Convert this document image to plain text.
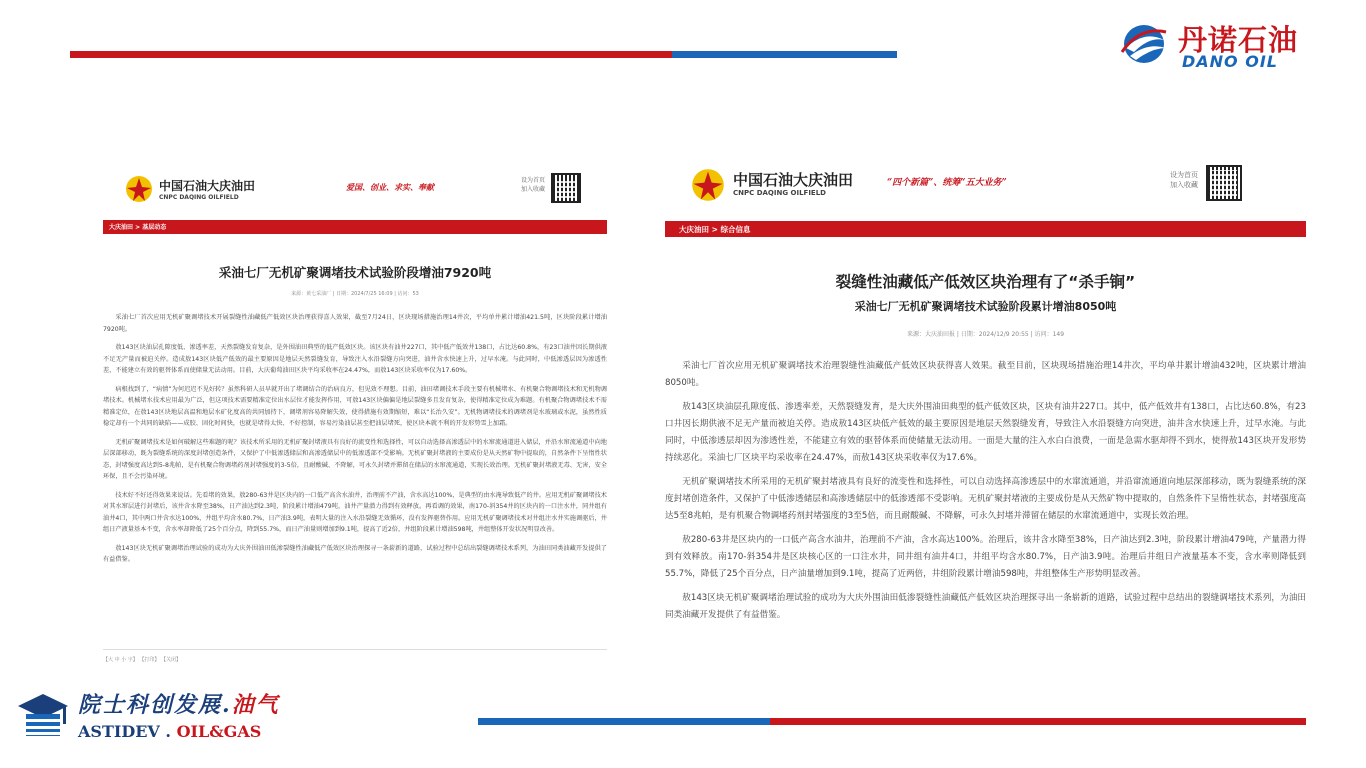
丹诺石油
DANO OIL
中国石油大庆油田
CNPC DAQING OILFIELD
爱国、创业、求实、奉献
设为首页
加入收藏
大庆油田 > 基层动态
采油七厂无机矿聚调堵技术试验阶段增油7920吨
来源：黄七采油厂 | 日期：2024/7/25 16:09 | 访问：53

采油七厂首次应用无机矿聚调堵技术开展裂缝性油藏低产低效区块治理获得喜人效果，截至7月24日，区块现场措施治理14井次，平均单井累计增油421.5吨，区块阶段累计增油7920吨。

敖143区块油层孔隙度低、渗透率差，天然裂缝发育复杂，是外围油田典型的低产低效区块。该区块有油井227口，其中低产低效井138口，占比达60.8%，有23口油井因长期供液不足无产量而被迫关停。造成敖143区块低产低效的最主要原因是地层天然裂缝发育，导致注入水沿裂缝方向突进，油井含水快速上升，过早水淹。与此同时，中低渗透层因为渗透性差，不能建立有效的驱替体系而使储量无法动用。目前，大庆葡萄油田区块平均采收率在24.47%，而敖143区块采收率仅为17.60%。

病根找到了，“病情”为何迟迟不见好转？虽然科研人员早就开出了堵调结合的治病良方，但见效不理想。目前，油田堵调技术手段主要有机械堵水、有机聚合物调堵技术和无机物调堵技术。机械堵水技术应用最为广泛，但这项技术需要精准定位出水层位才能发挥作用，可敖143区块偏偏是地层裂缝多且发育复杂，使得精准定位成为难题。有机聚合物调堵技术不需精准定位，在敖143区块地层高温和地层水矿化度高的共同加持下，调堵剂容易降解失效，使得措施有效期缩短，难以“长治久安”。无机物调堵技术的调堵剂是水玻璃或水泥，虽然性质稳定却有一个共同的缺陷——成胶、固化时间快，也就是堵得太快、不好控制，容易污染油层甚至把油层堵死，使区块本就不利的开发形势雪上加霜。

无机矿聚调堵技术是如何破解这些难题的呢？该技术所采用的无机矿聚封堵液具有良好的流变性和选择性，可以自动选择高渗透层中的水窜流通道进入储层，并沿水窜流通道中向地层深部移动，既为裂缝系统的深度封堵创造条件，又保护了中低渗透储层和高渗透储层中的低渗透部不受影响。无机矿聚封堵液的主要成份是从天然矿物中提取的，自然条件下呈惰性状态，封堵强度高达到5-8兆帕，是有机聚合物调堵药剂封堵强度的3-5倍，且耐酸碱、不降解，可永久封堵并滞留在储层的水窜流通道，实现长效治理。无机矿聚封堵液无毒、无害，安全环保，且不会污染环境。

技术好不好还得效果来说话。先看堵的效果，敖280-63井是区块内的一口低产高含水油井，治理前不产油，含水高达100%，是典型的由水淹导致低产的井。应用无机矿聚调堵技术对其水窜层进行封堵后，该井含水降至38%，日产油达到2.3吨，阶段累计增油479吨，油井产量潜力得到有效释放。再看调的效果，南170-斜354井的区块内的一口注水井，同井组有油井4口，其中两口井含水达100%，井组平均含水80.7%，日产油3.9吨，表明大量的注入水沿裂缝无效循环，没有发挥驱替作用。应用无机矿聚调堵技术对井组注水井实施调驱后，井组日产液量基本不变，含水率却降低了25个百分点，降到55.7%，而日产油量则增加到9.1吨，提高了近2倍，井组阶段累计增油598吨，井组整体开发状况明显改善。

敖143区块无机矿聚调堵治理试验的成功为大庆外围油田低渗裂缝性油藏低产低效区块治理探寻一条崭新的道路，试验过程中总结出裂缝调堵技术系列，为油田同类油藏开发提供了有益借鉴。

【大 中 小 字】 【打印】 【关闭】
中国石油大庆油田
CNPC DAQING OILFIELD
“四个新篇”、统筹“五大业务”
设为首页
加入收藏
大庆油田 > 综合信息
裂缝性油藏低产低效区块治理有了“杀手锏”
采油七厂无机矿聚调堵技术试验阶段累计增油8050吨
来源：大庆油田报 | 日期：2024/12/9 20:55 | 访问：149

采油七厂首次应用无机矿聚调堵技术治理裂缝性油藏低产低效区块获得喜人效果。截至目前，区块现场措施治理14井次，平均单井累计增油432吨，区块累计增油8050吨。

敖143区块油层孔隙度低、渗透率差，天然裂缝发育，是大庆外围油田典型的低产低效区块，区块有油井227口。其中，低产低效井有138口，占比达60.8%，有23口井因长期供液不足无产量而被迫关停。造成敖143区块低产低效的最主要原因是地层天然裂缝发育，导致注入水沿裂缝方向突进，油井含水快速上升，过早水淹。与此同时，中低渗透层却因为渗透性差，不能建立有效的驱替体系而使储量无法动用。一面是大量的注入水白白浪费，一面是急需水驱却得不到水，使得敖143区块开发形势持续恶化。采油七厂区块平均采收率在24.47%，而敖143区块采收率仅为17.6%。

无机矿聚调堵技术所采用的无机矿聚封堵液具有良好的流变性和选择性，可以自动选择高渗透层中的水窜流通道，并沿窜流通道向地层深部移动，既为裂缝系统的深度封堵创造条件，又保护了中低渗透储层和高渗透储层中的低渗透部不受影响。无机矿聚封堵液的主要成份是从天然矿物中提取的，自然条件下呈惰性状态，封堵强度高达5至8兆帕，是有机聚合物调堵药剂封堵强度的3至5倍，而且耐酸碱、不降解，可永久封堵并滞留在储层的水窜流通道中，实现长效治理。

敖280-63井是区块内的一口低产高含水油井，治理前不产油，含水高达100%。治理后，该井含水降至38%，日产油达到2.3吨，阶段累计增油479吨，产量潜力得到有效释放。南170-斜354井是区块核心区的一口注水井，同井组有油井4口，井组平均含水80.7%，日产油3.9吨。治理后井组日产液量基本不变，含水率则降低到55.7%，降低了25个百分点，日产油量增加到9.1吨，提高了近两倍，井组阶段累计增油598吨，井组整体生产形势明显改善。

敖143区块无机矿聚调堵治理试验的成功为大庆外围油田低渗裂缝性油藏低产低效区块治理探寻出一条崭新的道路，试验过程中总结出的裂缝调堵技术系列，为油田同类油藏开发提供了有益借鉴。

院士科创发展.油气
ASTIDEV . OIL&GAS
